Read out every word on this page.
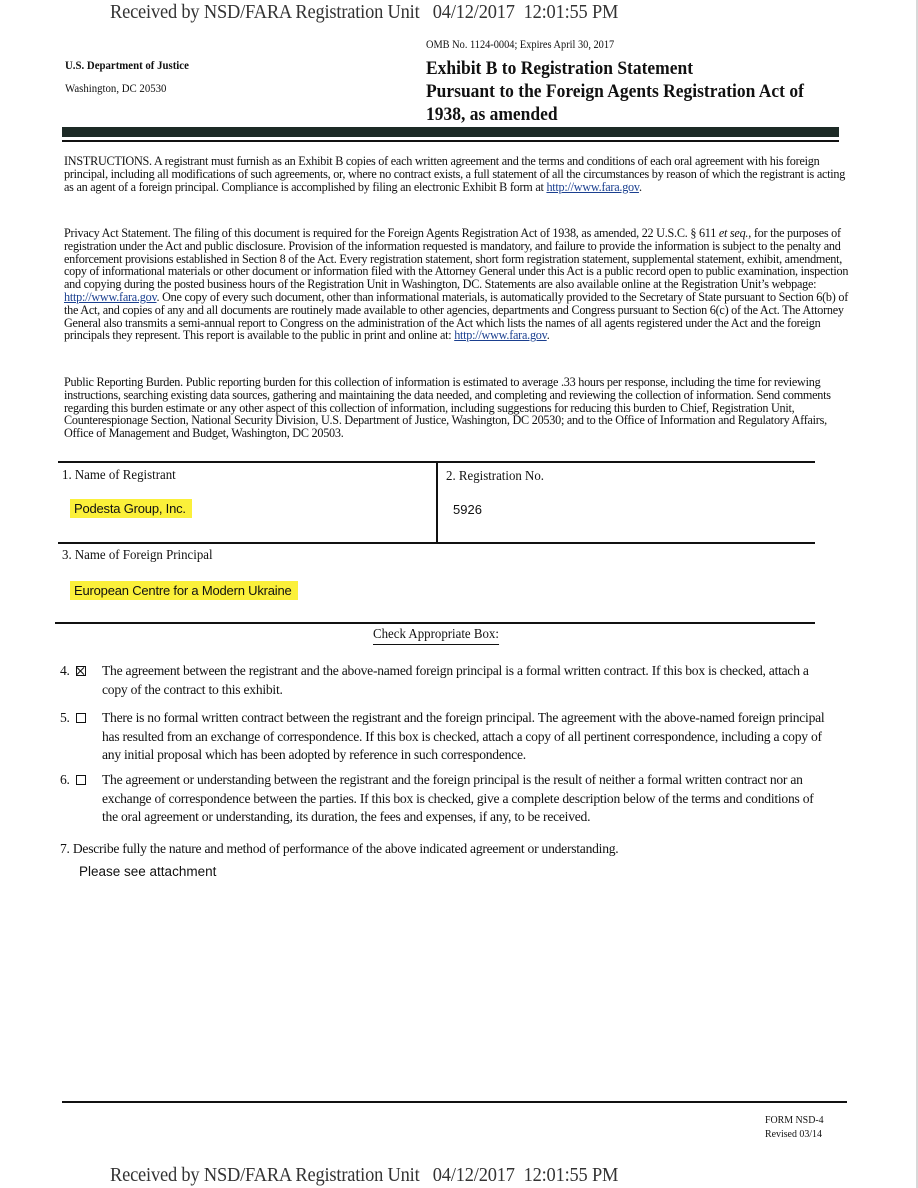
Received by NSD/FARA Registration Unit   04/12/2017  12:01:55 PM
U.S. Department of Justice
Washington, DC 20530
OMB No. 1124-0004; Expires April 30, 2017
Exhibit B to Registration Statement
Pursuant to the Foreign Agents Registration Act of
1938, as amended
INSTRUCTIONS. A registrant must furnish as an Exhibit B copies of each written agreement and the terms and conditions of each oral agreement with his foreign principal, including all modifications of such agreements, or, where no contract exists, a full statement of all the circumstances by reason of which the registrant is acting as an agent of a foreign principal. Compliance is accomplished by filing an electronic Exhibit B form at http://www.fara.gov.
Privacy Act Statement. The filing of this document is required for the Foreign Agents Registration Act of 1938, as amended, 22 U.S.C. § 611 et seq., for the purposes of registration under the Act and public disclosure. Provision of the information requested is mandatory, and failure to provide the information is subject to the penalty and enforcement provisions established in Section 8 of the Act. Every registration statement, short form registration statement, supplemental statement, exhibit, amendment, copy of informational materials or other document or information filed with the Attorney General under this Act is a public record open to public examination, inspection and copying during the posted business hours of the Registration Unit in Washington, DC. Statements are also available online at the Registration Unit’s webpage: http://www.fara.gov. One copy of every such document, other than informational materials, is automatically provided to the Secretary of State pursuant to Section 6(b) of the Act, and copies of any and all documents are routinely made available to other agencies, departments and Congress pursuant to Section 6(c) of the Act. The Attorney General also transmits a semi-annual report to Congress on the administration of the Act which lists the names of all agents registered under the Act and the foreign principals they represent. This report is available to the public in print and online at: http://www.fara.gov.
Public Reporting Burden. Public reporting burden for this collection of information is estimated to average .33 hours per response, including the time for reviewing instructions, searching existing data sources, gathering and maintaining the data needed, and completing and reviewing the collection of information. Send comments regarding this burden estimate or any other aspect of this collection of information, including suggestions for reducing this burden to Chief, Registration Unit, Counterespionage Section, National Security Division, U.S. Department of Justice, Washington, DC 20530; and to the Office of Information and Regulatory Affairs, Office of Management and Budget, Washington, DC 20503.
1. Name of Registrant
Podesta Group, Inc.
2. Registration No.
5926
3. Name of Foreign Principal
European Centre for a Modern Ukraine
Check Appropriate Box:
4.	The agreement between the registrant and the above-named foreign principal is a formal written contract. If this box is checked, attach a copy of the contract to this exhibit.
5.	There is no formal written contract between the registrant and the foreign principal. The agreement with the above-named foreign principal has resulted from an exchange of correspondence. If this box is checked, attach a copy of all pertinent correspondence, including a copy of any initial proposal which has been adopted by reference in such correspondence.
6.	The agreement or understanding between the registrant and the foreign principal is the result of neither a formal written contract nor an exchange of correspondence between the parties. If this box is checked, give a complete description below of the terms and conditions of the oral agreement or understanding, its duration, the fees and expenses, if any, to be received.
7. Describe fully the nature and method of performance of the above indicated agreement or understanding.
Please see attachment
FORM NSD-4
Revised 03/14
Received by NSD/FARA Registration Unit   04/12/2017  12:01:55 PM
